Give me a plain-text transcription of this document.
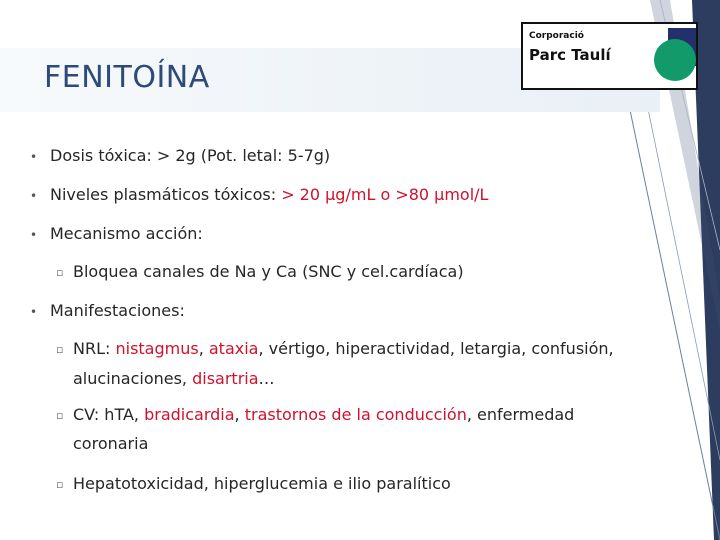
FENITOÍNA
Corporació
Parc Taulí
• Dosis tóxica: > 2g (Pot. letal: 5-7g)
• Niveles plasmáticos tóxicos: > 20 µg/mL o >80 µmol/L
• Mecanismo acción:
▫ Bloquea canales de Na y Ca (SNC y cel.cardíaca)
• Manifestaciones:
▫ NRL: nistagmus, ataxia, vértigo, hiperactividad, letargia, confusión,
alucinaciones, disartria…
▫ CV: hTA, bradicardia, trastornos de la conducción, enfermedad
coronaria
▫ Hepatotoxicidad, hiperglucemia e ilio paralítico
